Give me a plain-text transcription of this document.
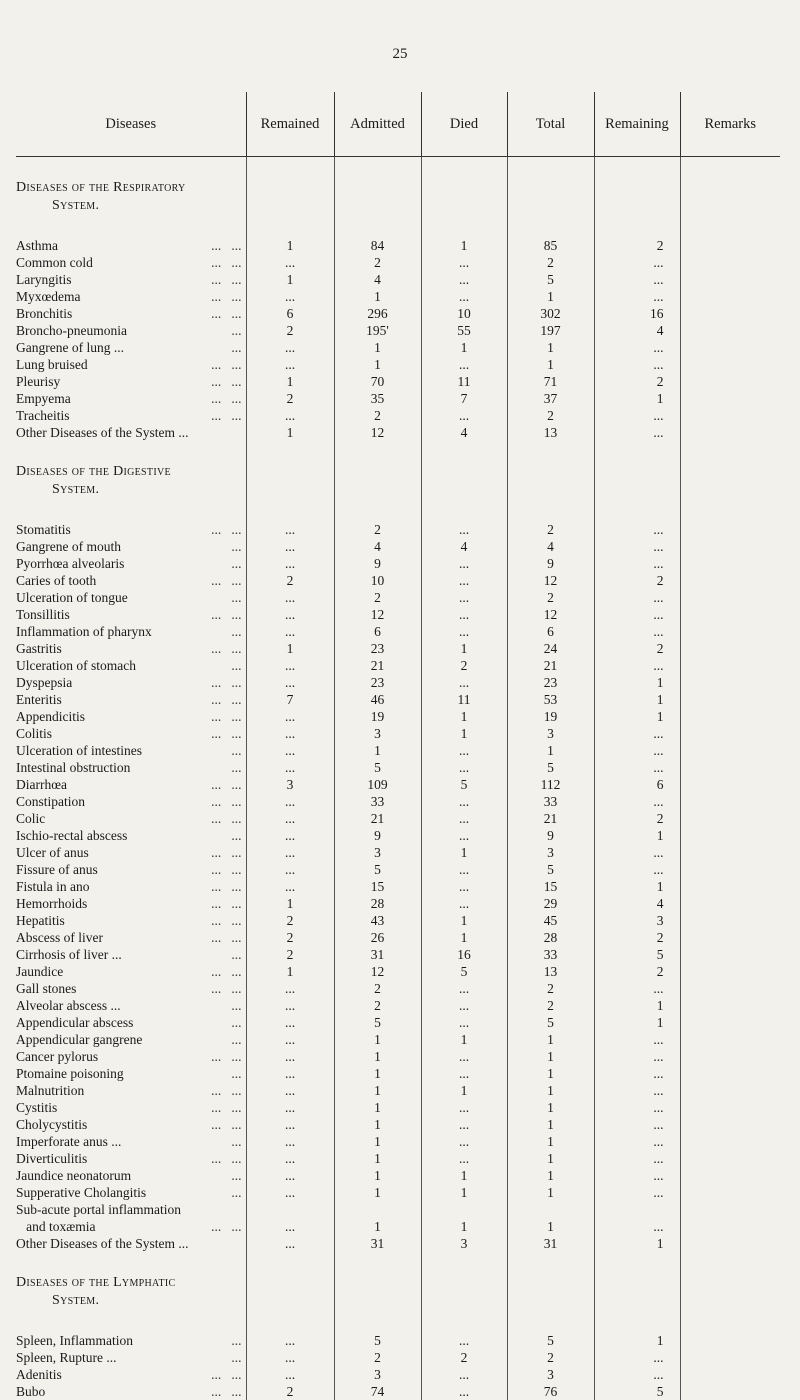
25
Diseases	Remained	Admitted	Died	Total	Remaining	Remarks

Diseases of the Respiratory						
System.						

Asthma ...   ...	1	84	1	85	2	
Common cold ...   ...	...	2	...	2	...	
Laryngitis ...   ...	1	4	...	5	...	
Myxœdema ...   ...	...	1	...	1	...	
Bronchitis ...   ...	6	296	10	302	16	
Broncho-pneumonia ...	2	195'	55	197	4	
Gangrene of lung ... ...	...	1	1	1	...	
Lung bruised ...   ...	...	1	...	1	...	
Pleurisy ...   ...	1	70	11	71	2	
Empyema ...   ...	2	35	7	37	1	
Tracheitis ...   ...	...	2	...	2	...	
Other Diseases of the System ...	1	12	4	13	...	

Diseases of the Digestive						
System.						

Stomatitis ...   ...	...	2	...	2	...	
Gangrene of mouth ...	...	4	4	4	...	
Pyorrhœa alveolaris ...	...	9	...	9	...	
Caries of tooth ...   ...	2	10	...	12	2	
Ulceration of tongue ...	...	2	...	2	...	
Tonsillitis ...   ...	...	12	...	12	...	
Inflammation of pharynx ...	...	6	...	6	...	
Gastritis ...   ...	1	23	1	24	2	
Ulceration of stomach ...	...	21	2	21	...	
Dyspepsia ...   ...	...	23	...	23	1	
Enteritis ...   ...	7	46	11	53	1	
Appendicitis ...   ...	...	19	1	19	1	
Colitis ...   ...	...	3	1	3	...	
Ulceration of intestines ...	...	1	...	1	...	
Intestinal obstruction ...	...	5	...	5	...	
Diarrhœa ...   ...	3	109	5	112	6	
Constipation ...   ...	...	33	...	33	...	
Colic ...   ...	...	21	...	21	2	
Ischio-rectal abscess ...	...	9	...	9	1	
Ulcer of anus ...   ...	...	3	1	3	...	
Fissure of anus ...   ...	...	5	...	5	...	
Fistula in ano ...   ...	...	15	...	15	1	
Hemorrhoids ...   ...	1	28	...	29	4	
Hepatitis ...   ...	2	43	1	45	3	
Abscess of liver ...   ...	2	26	1	28	2	
Cirrhosis of liver ... ...	2	31	16	33	5	
Jaundice ...   ...	1	12	5	13	2	
Gall stones ...   ...	...	2	...	2	...	
Alveolar abscess ... ...	...	2	...	2	1	
Appendicular abscess ...	...	5	...	5	1	
Appendicular gangrene ...	...	1	1	1	...	
Cancer pylorus ...   ...	...	1	...	1	...	
Ptomaine poisoning ...	...	1	...	1	...	
Malnutrition ...   ...	...	1	1	1	...	
Cystitis ...   ...	...	1	...	1	...	
Cholycystitis ...   ...	...	1	...	1	...	
Imperforate anus ... ...	...	1	...	1	...	
Diverticulitis ...   ...	...	1	...	1	...	
Jaundice neonatorum ...	...	1	1	1	...	
Supperative Cholangitis ...	...	1	1	1	...	
Sub-acute portal inflammation

and toxæmia ...   ...	...	1	1	1	...	
Other Diseases of the System ...	...	31	3	31	1	

Diseases of the Lymphatic						
System.						

Spleen, Inflammation ...	...	5	...	5	1	
Spleen, Rupture ... ...	...	2	2	2	...	
Adenitis ...   ...	...	3	...	3	...	
Bubo ...   ...	2	74	...	76	5	
